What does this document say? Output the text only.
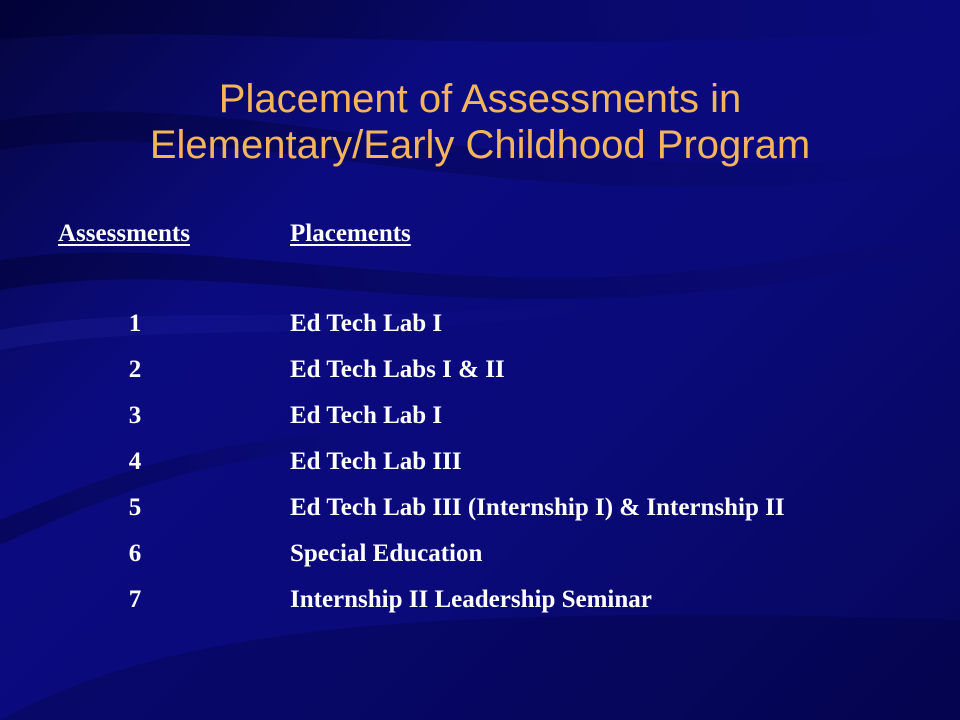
Placement of Assessments in
Elementary/Early Childhood Program
Assessments	Placements
1	Ed Tech Lab I
2	Ed Tech Labs I & II
3	Ed Tech Lab I
4	Ed Tech Lab III
5	Ed Tech Lab III (Internship I) & Internship II
6	Special Education
7	Internship II Leadership Seminar
